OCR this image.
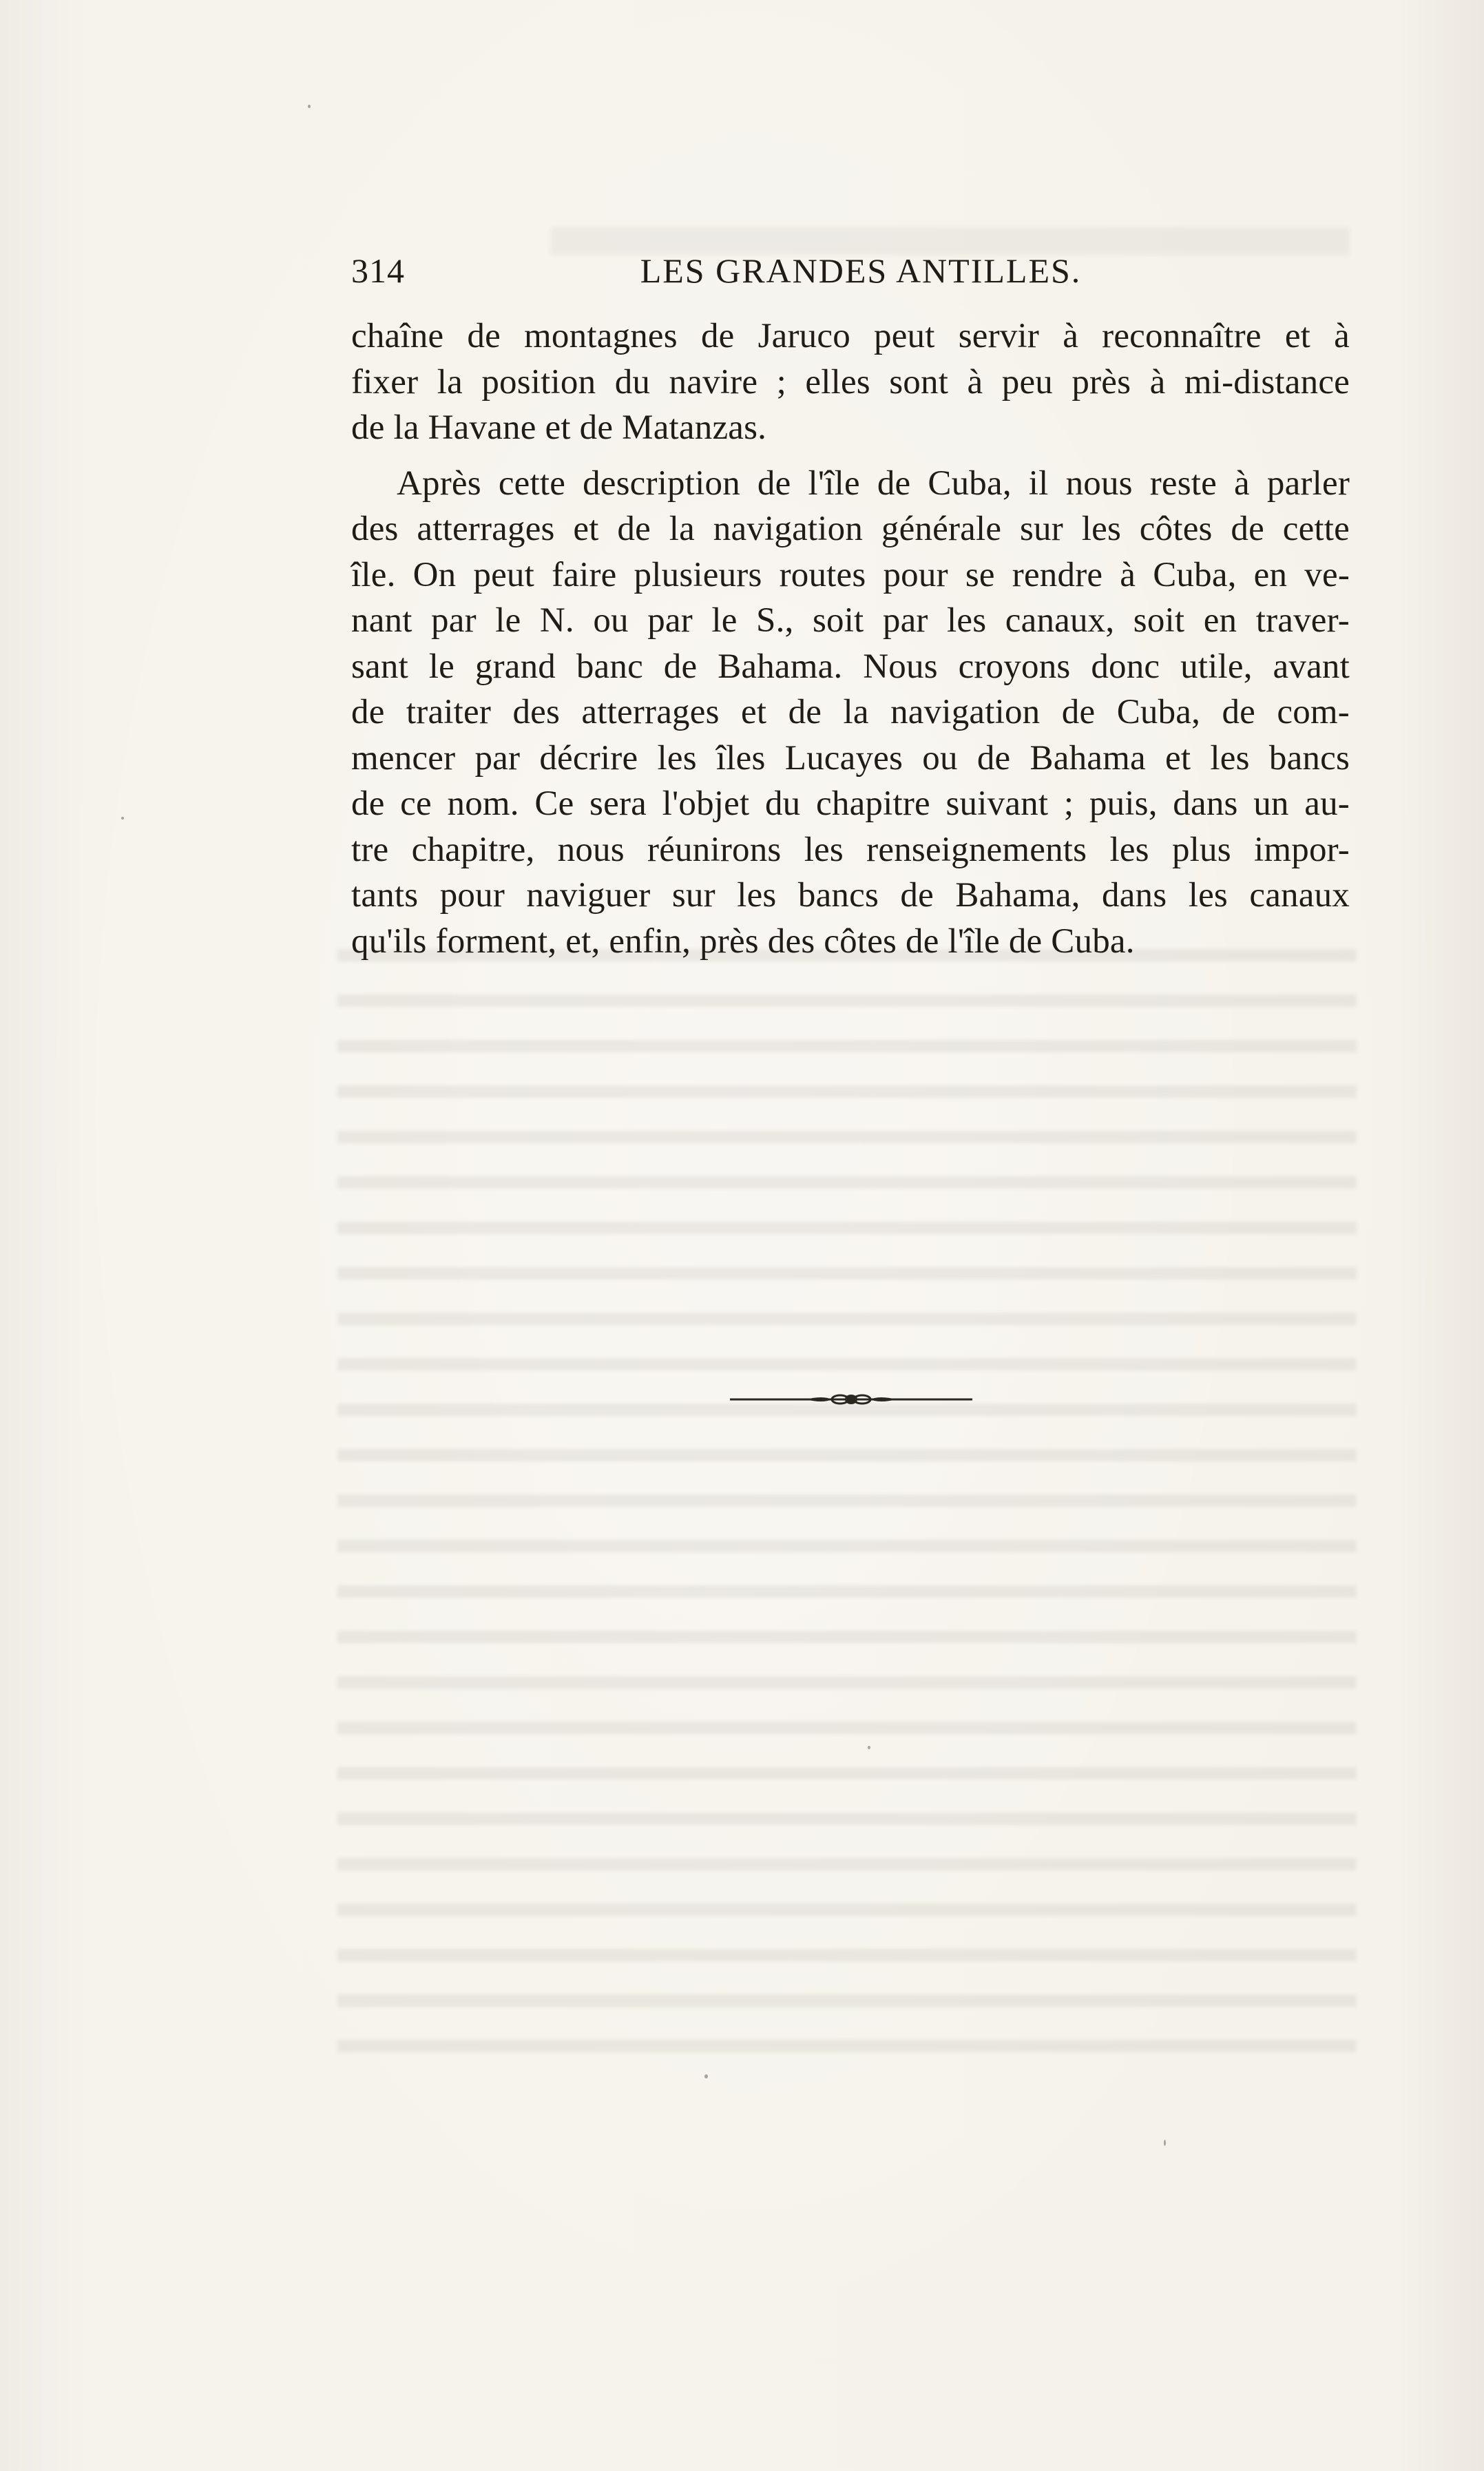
314	LES GRANDES ANTILLES.
chaîne de montagnes de Jaruco peut servir à reconnaître et à
fixer la position du navire ; elles sont à peu près à mi-distance
de la Havane et de Matanzas.
Après cette description de l'île de Cuba, il nous reste à parler
des atterrages et de la navigation générale sur les côtes de cette
île. On peut faire plusieurs routes pour se rendre à Cuba, en ve-
nant par le N. ou par le S., soit par les canaux, soit en traver-
sant le grand banc de Bahama. Nous croyons donc utile, avant
de traiter des atterrages et de la navigation de Cuba, de com-
mencer par décrire les îles Lucayes ou de Bahama et les bancs
de ce nom. Ce sera l'objet du chapitre suivant ; puis, dans un au-
tre chapitre, nous réunirons les renseignements les plus impor-
tants pour naviguer sur les bancs de Bahama, dans les canaux
qu'ils forment, et, enfin, près des côtes de l'île de Cuba.
